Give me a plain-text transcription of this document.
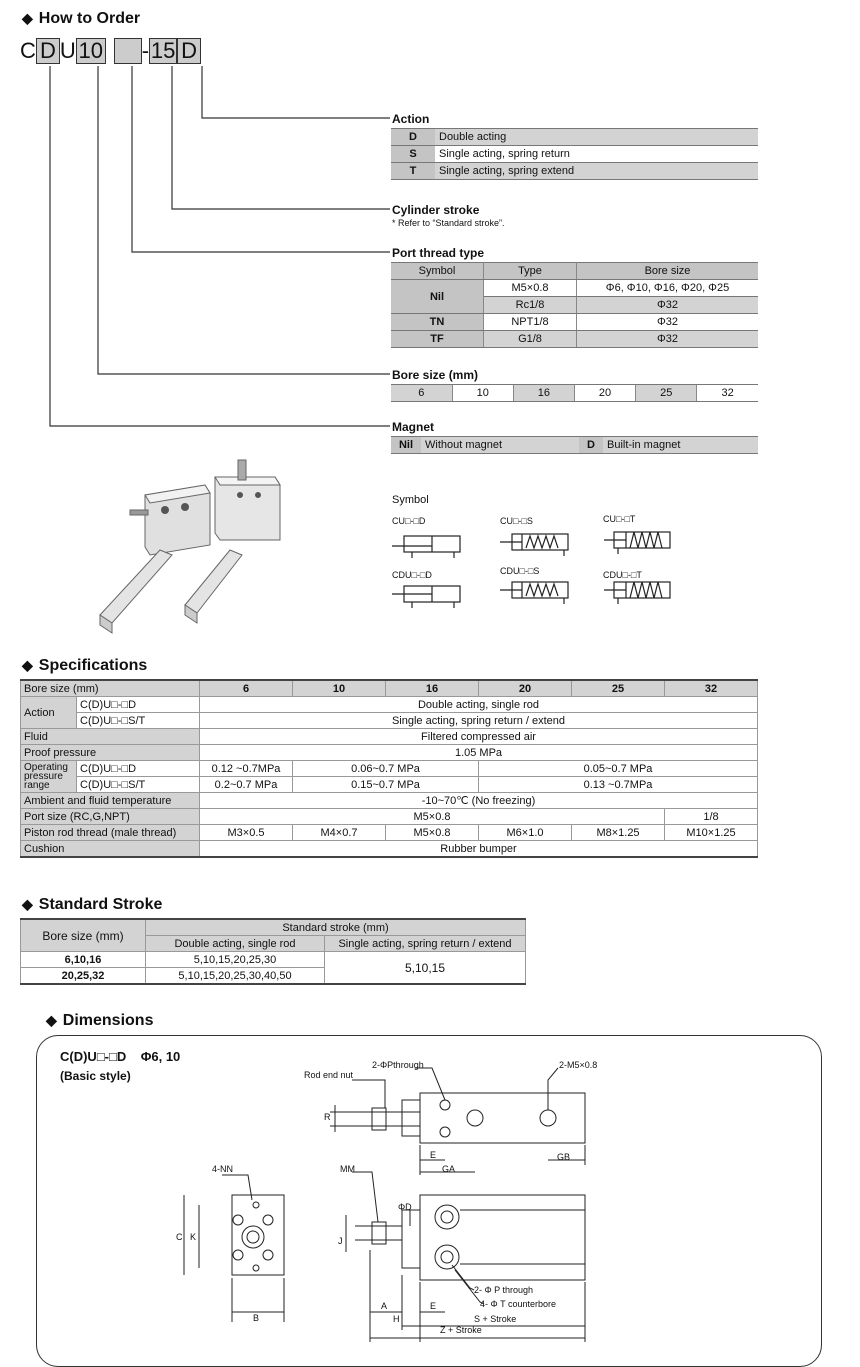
◆ How to Order
C D U 10 -15 D
Action
D	Double acting
S	Single acting, spring return
T	Single acting, spring extend
Cylinder stroke
* Refer to “Standard stroke”.
Port thread type
Symbol	Type	Bore size
Nil	M5×0.8	Φ6, Φ10, Φ16, Φ20, Φ25
	Rc1/8	Φ32
TN	NPT1/8	Φ32
TF	G1/8	Φ32
Bore size (mm)
6	10	16	20	25	32
Magnet
Nil	Without magnet	D	Built-in magnet
Symbol
CU□-□D	CU□-□S	CU□-□T
CDU□-□D	CDU□-□S	CDU□-□T
◆ Specifications
Bore size (mm)		6	10	16	20	25	32
Action	C(D)U□-□D	Double acting, single rod					
	C(D)U□-□S/T	Single acting, spring return / extend					
Fluid		Filtered compressed air					
Proof pressure		1.05 MPa					
Operating pressure range	C(D)U□-□D	0.12 ~0.7MPa	0.06~0.7 MPa		0.05~0.7 MPa		
	C(D)U□-□S/T	0.2~0.7 MPa	0.15~0.7 MPa		0.13 ~0.7MPa		
Ambient and fluid temperature		-10~70℃ (No freezing)					
Port size (RC,G,NPT)		M5×0.8					1/8
Piston rod thread (male thread)		M3×0.5	M4×0.7	M5×0.8	M6×1.0	M8×1.25	M10×1.25
Cushion		Rubber bumper					
◆ Standard Stroke
Bore size (mm)	Standard stroke (mm)	
	Double acting, single rod	Single acting, spring return / extend
6,10,16	5,10,15,20,25,30	5,10,15
20,25,32	5,10,15,20,25,30,40,50	
◆ Dimensions
C(D)U□-□D    Φ6, 10
(Basic style)	Rod end nut
2-ΦPthrough	2-M5×0.8
R
E
GA
GB
4-NN	MM
C K
B
J
ΦD
A
H
E
2- Φ P through
4- Φ T counterbore
S + Stroke
Z + Stroke
